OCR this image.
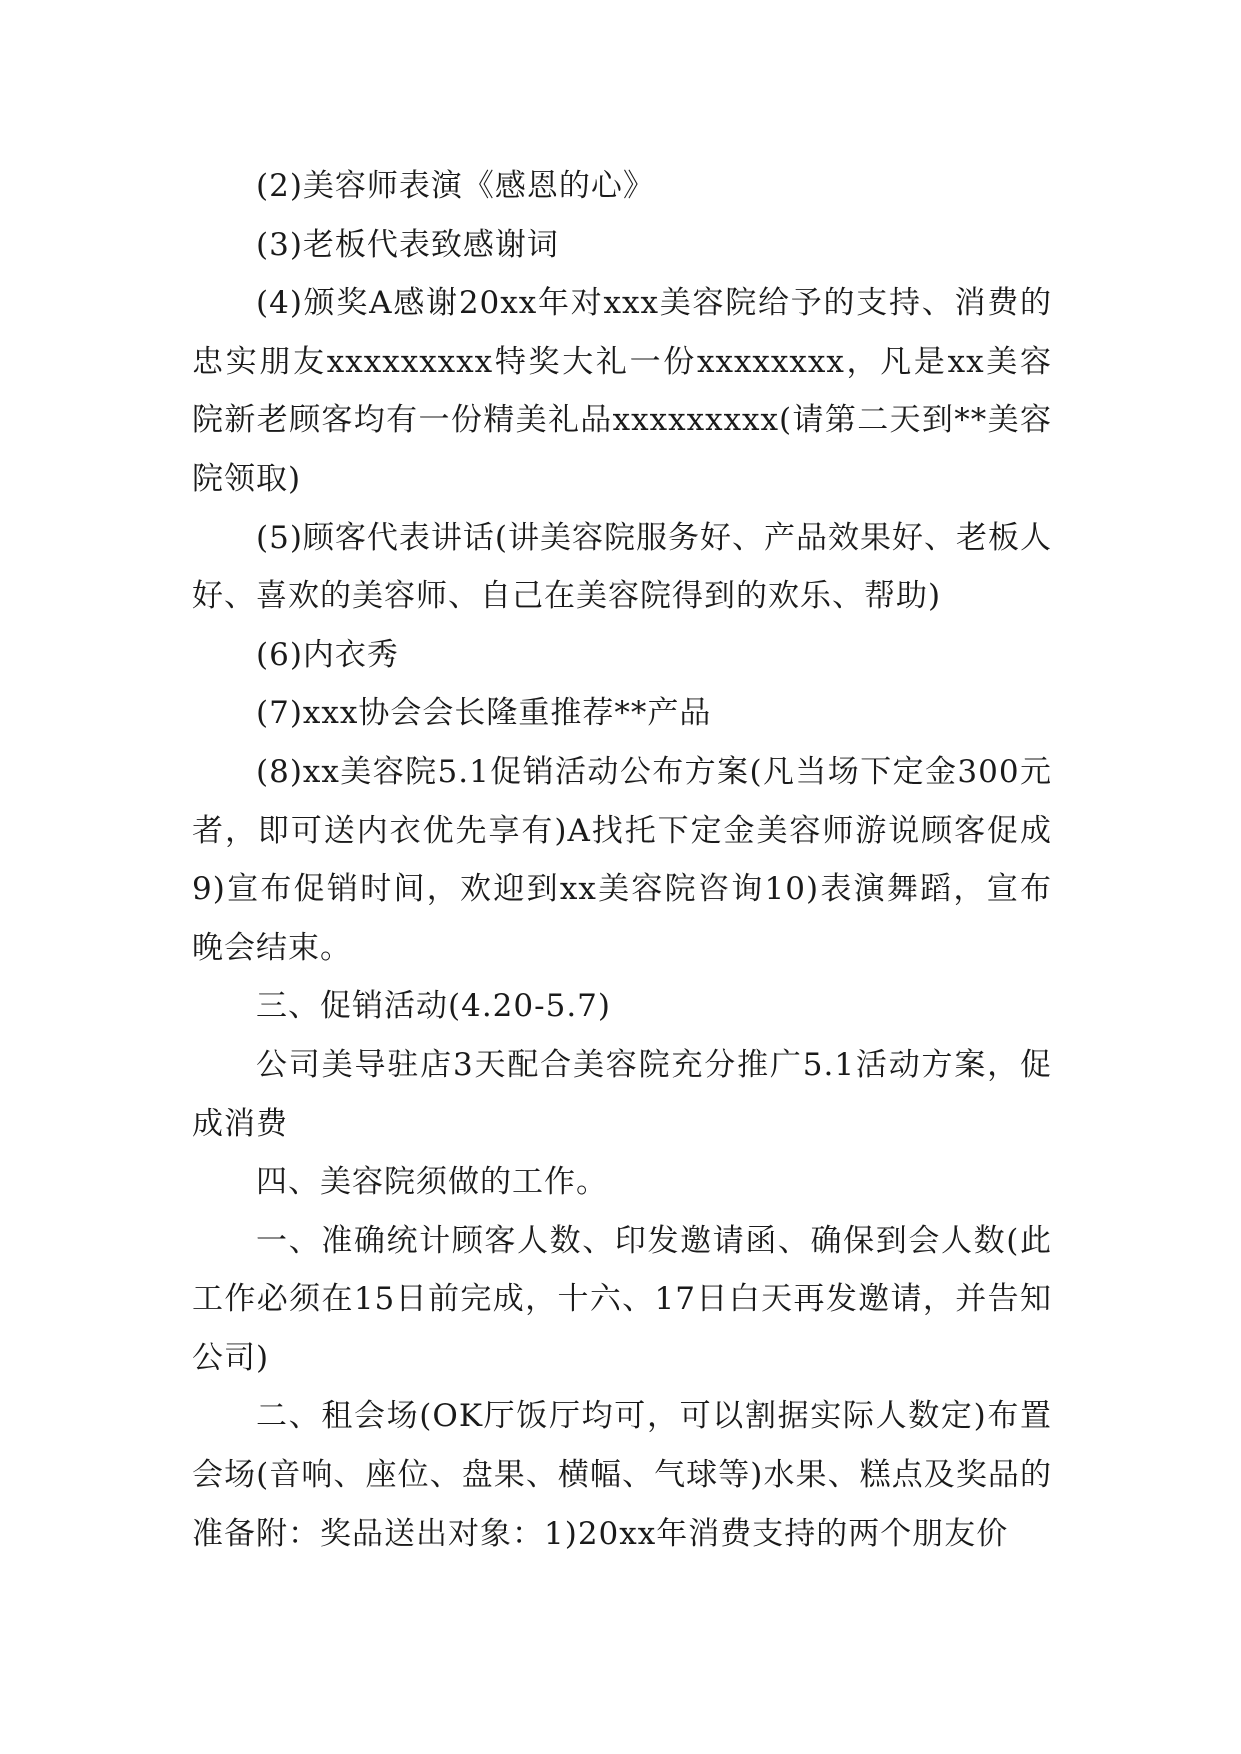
(2)美容师表演《感恩的心》

(3)老板代表致感谢词

(4)颁奖A感谢20xx年对xxx美容院给予的支持、消费的忠实朋友xxxxxxxxx特奖大礼一份xxxxxxxx，凡是xx美容院新老顾客均有一份精美礼品xxxxxxxxx(请第二天到**美容院领取)

(5)顾客代表讲话(讲美容院服务好、产品效果好、老板人好、喜欢的美容师、自己在美容院得到的欢乐、帮助)

(6)内衣秀

(7)xxx协会会长隆重推荐**产品

(8)xx美容院5.1促销活动公布方案(凡当场下定金300元者，即可送内衣优先享有)A找托下定金美容师游说顾客促成9)宣布促销时间，欢迎到xx美容院咨询10)表演舞蹈，宣布晚会结束。

三、促销活动(4.20-5.7)

公司美导驻店3天配合美容院充分推广5.1活动方案，促成消费

四、美容院须做的工作。

一、准确统计顾客人数、印发邀请函、确保到会人数(此工作必须在15日前完成，十六、17日白天再发邀请，并告知公司)

二、租会场(OK厅饭厅均可，可以割据实际人数定)布置会场(音响、座位、盘果、横幅、气球等)水果、糕点及奖品的准备附：奖品送出对象：1)20xx年消费支持的两个朋友价
